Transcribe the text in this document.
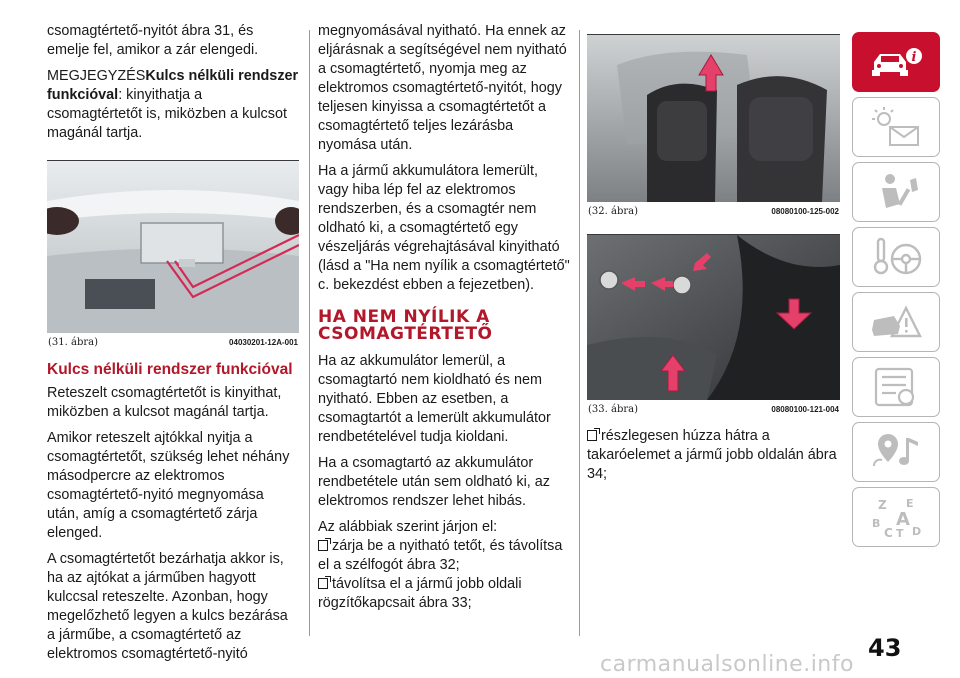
csomagtértető-nyitót ábra 31, és emelje fel, amikor a zár elengedi.

MEGJEGYZÉSKulcs nélküli rendszer funkcióval: kinyithatja a csomagtértetőt is, miközben a kulcsot magánál tartja.

(31. ábra)	04030201-12A-001
Kulcs nélküli rendszer funkcióval

Reteszelt csomagtértetőt is kinyithat, miközben a kulcsot magánál tartja.

Amikor reteszelt ajtókkal nyitja a csomagtértetőt, szükség lehet néhány másodpercre az elektromos csomagtértető-nyitó megnyomása után, amíg a csomagtértető zárja elenged.

A csomagtértetőt bezárhatja akkor is, ha az ajtókat a járműben hagyott kulccsal reteszelte. Azonban, hogy megelőzhető legyen a kulcs bezárása a járműbe, a csomagtértető az elektromos csomagtértető-nyitó

megnyomásával nyitható. Ha ennek az eljárásnak a segítségével nem nyitható a csomagtértető, nyomja meg az elektromos csomagtértető-nyitót, hogy teljesen kinyissa a csomagtértetőt a csomagtértető teljes lezárásba nyomása után.

Ha a jármű akkumulátora lemerült, vagy hiba lép fel az elektromos rendszerben, és a csomagtér nem oldható ki, a csomagtértető egy vészeljárás végrehajtásával kinyitható (lásd a "Ha nem nyílik a csomagtértető" c. bekezdést ebben a fejezetben).

HA NEM NYÍLIK A
CSOMAGTÉRTETŐ

Ha az akkumulátor lemerül, a csomagtartó nem kioldható és nem nyitható. Ebben az esetben, a csomagtartót a lemerült akkumulátor rendbetételével tudja kioldani.

Ha a csomagtartó az akkumulátor rendbetétele után sem oldható ki, az elektromos rendszer lehet hibás.

Az alábbiak szerint járjon el:
zárja be a nyitható tetőt, és távolítsa el a szélfogót ábra 32;
távolítsa el a jármű jobb oldali rögzítőkapcsait ábra 33;

(32. ábra)	08080100-125-002
(33. ábra)	08080100-121-004

részlegesen húzza hátra a takaróelemet a jármű jobb oldalán ábra 34;

i
Z E
B A
C T D
43
carmanualsonline.info
